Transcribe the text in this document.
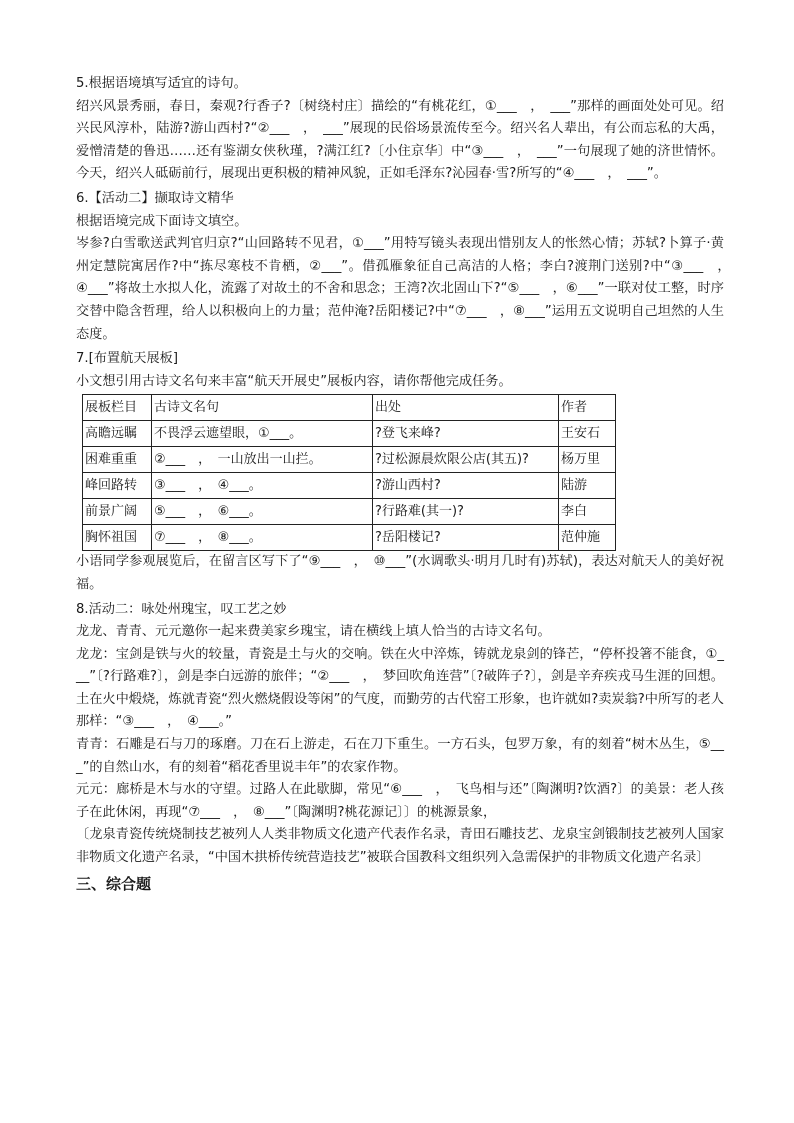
5.根据语境填写适宜的诗句。

绍兴风景秀丽，春日，秦观?行香子?〔树绕村庄〕描绘的“有桃花红，①___　，　___”那样的画面处处可见。绍兴民风淳朴，陆游?游山西村?“②___　，　___”展现的民俗场景流传至今。绍兴名人辈出，有公而忘私的大禹，爱憎清楚的鲁迅……还有鉴湖女侠秋瑾，?满江红?〔小住京华〕中“③___　，　___”一句展现了她的济世情怀。今天，绍兴人砥砺前行，展现出更积极的精神风貌，正如毛泽东?沁园春·雪?所写的“④___　，　___”。

6.【活动二】撷取诗文精华

根据语境完成下面诗文填空。

岑参?白雪歌送武判官归京?“山回路转不见君，①___”用特写镜头表现出惜别友人的怅然心情；苏轼?卜算子·黄州定慧院寓居作?中“拣尽寒枝不肯栖，②___”。借孤雁象征自己高洁的人格；李白?渡荆门送别?中“③___　，　④___”将故土水拟人化，流露了对故土的不舍和思念；王湾?次北固山下?“⑤___　，⑥___”一联对仗工整，时序交替中隐含哲理，给人以积极向上的力量；范仲淹?岳阳楼记?中“⑦___　，⑧___”运用五文说明自己坦然的人生态度。

7.[布置航天展板]

小文想引用古诗文名句来丰富“航天开展史”展板内容，请你帮他完成任务。

展板栏目	古诗文名句	出处	作者
高瞻远瞩	不畏浮云遮望眼，①___。	?登飞来峰?	王安石
困难重重	②___　，　一山放出一山拦。	?过松源晨炊限公店(其五)?	杨万里
峰回路转	③___　，　④___。	?游山西村?	陆游
前景广阔	⑤___　，　⑥___。	?行路难(其一)?	李白
胸怀祖国	⑦___　，　⑧___。	?岳阳楼记?	范仲施

小语同学参观展览后，在留言区写下了“⑨___　，　⑩___”(水调歌头·明月几时有)苏轼)，表达对航天人的美好祝福。

8.活动二：咏处州瑰宝，叹工艺之妙

龙龙、青青、元元邀你一起来费美家乡瑰宝，请在横线上填人恰当的古诗文名句。

龙龙：宝剑是铁与火的较量，青瓷是土与火的交响。铁在火中淬炼，铸就龙泉剑的锋芒，“停杯投箸不能食，①___”〔?行路难?〕，剑是李白远游的旅伴；“②___　，　梦回吹角连营”〔?破阵子?〕，剑是辛弃疾戎马生涯的回想。土在火中煅烧，炼就青瓷“烈火燃烧假设等闲”的气度，而勤劳的古代窑工形象，也许就如?卖炭翁?中所写的老人那样：“③___　，　④___。”

青青：石雕是石与刀的琢磨。刀在石上游走，石在刀下重生。一方石头，包罗万象，有的刻着“树木丛生，⑤___”的自然山水，有的刻着“稻花香里说丰年”的农家作物。

元元：廊桥是木与水的守望。过路人在此歇脚，常见“⑥___　，　飞鸟相与还”〔陶渊明?饮酒?〕的美景：老人孩子在此休闲，再现“⑦___　，　⑧___”〔陶渊明?桃花源记〕〕的桃源景象，

〔龙泉青瓷传统烧制技艺被列人人类非物质文化遗产代表作名录，青田石雕技艺、龙泉宝剑锻制技艺被列人国家非物质文化遗产名录，“中国木拱桥传统营造技艺”被联合国教科文组织列入急需保护的非物质文化遗产名录〕

三、综合题
